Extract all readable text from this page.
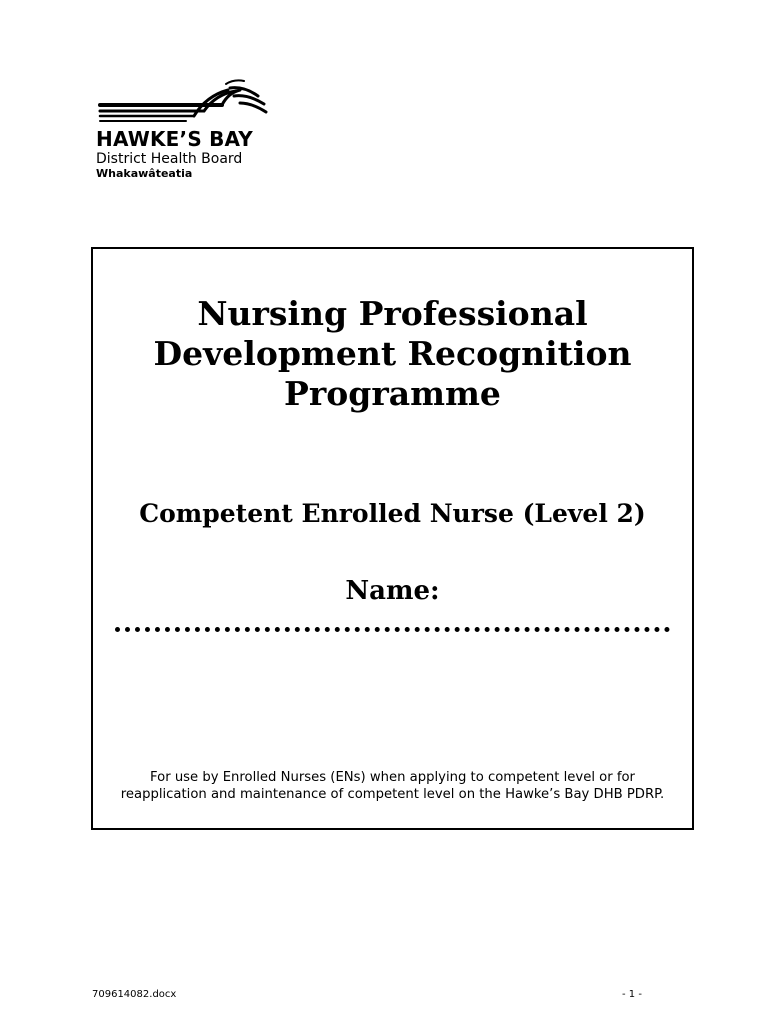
HAWKE’S BAY
District Health Board
Whakawâteatia
Nursing Professional
Development Recognition
Programme
Competent Enrolled Nurse (Level 2)
Name:
For use by Enrolled Nurses (ENs) when applying to competent level or for reapplication and maintenance of competent level on the Hawke’s Bay DHB PDRP.
709614082.docx	- 1 -
